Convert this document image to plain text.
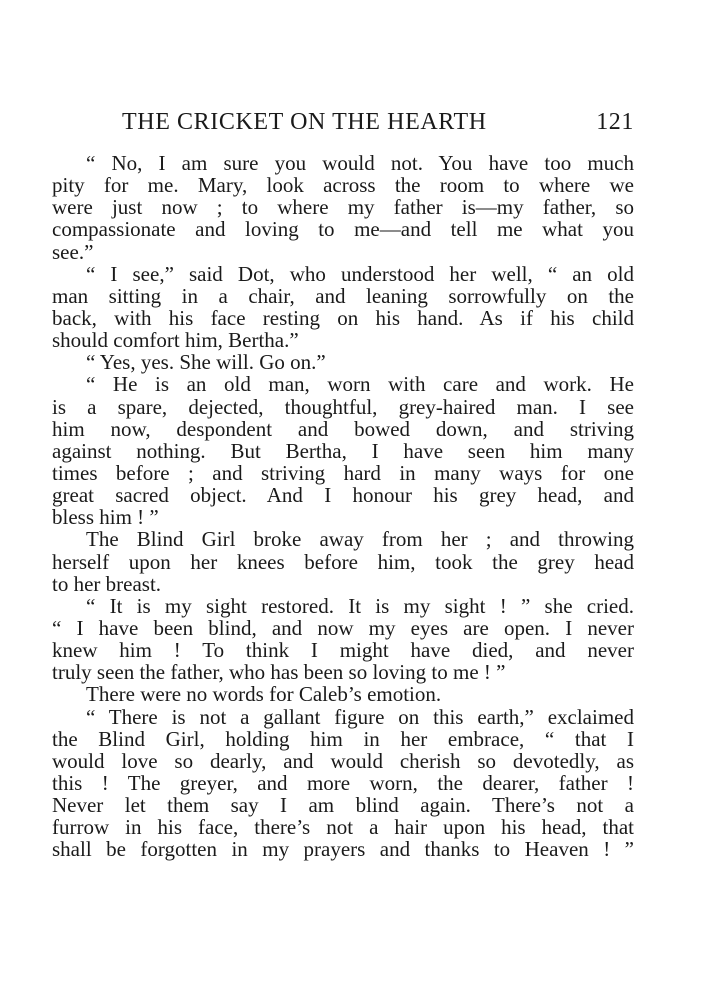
THE CRICKET ON THE HEARTH	121
“ No, I am sure you would not. You have too much
pity for me. Mary, look across the room to where we
were just now ; to where my father is—my father, so
compassionate and loving to me—and tell me what you
see.”
“ I see,” said Dot, who understood her well, “ an old
man sitting in a chair, and leaning sorrowfully on the
back, with his face resting on his hand. As if his child
should comfort him, Bertha.”
“ Yes, yes. She will. Go on.”
“ He is an old man, worn with care and work. He
is a spare, dejected, thoughtful, grey-haired man. I see
him now, despondent and bowed down, and striving
against nothing. But Bertha, I have seen him many
times before ; and striving hard in many ways for one
great sacred object. And I honour his grey head, and
bless him ! ”
The Blind Girl broke away from her ; and throwing
herself upon her knees before him, took the grey head
to her breast.
“ It is my sight restored. It is my sight ! ” she cried.
“ I have been blind, and now my eyes are open. I never
knew him ! To think I might have died, and never
truly seen the father, who has been so loving to me ! ”
There were no words for Caleb’s emotion.
“ There is not a gallant figure on this earth,” exclaimed
the Blind Girl, holding him in her embrace, “ that I
would love so dearly, and would cherish so devotedly, as
this ! The greyer, and more worn, the dearer, father !
Never let them say I am blind again. There’s not a
furrow in his face, there’s not a hair upon his head, that
shall be forgotten in my prayers and thanks to Heaven ! ”
